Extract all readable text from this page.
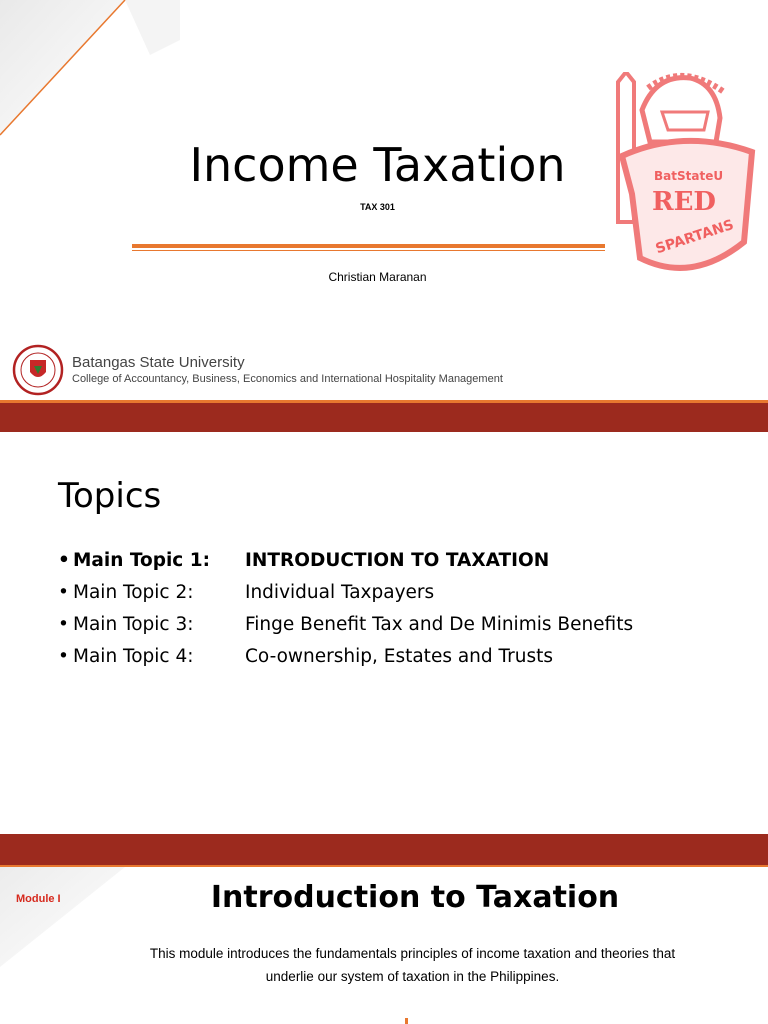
Income Taxation
TAX 301
Christian Maranan
BatStateU
RED
SPARTANS
Batangas State University
College of Accountancy, Business, Economics and International Hospitality Management
Topics
• Main Topic 1: INTRODUCTION TO TAXATION
• Main Topic 2:	Individual Taxpayers
• Main Topic 3:	Finge Benefit Tax and De Minimis Benefits
• Main Topic 4:	Co-ownership, Estates and Trusts
Module I	Introduction to Taxation
This module introduces the fundamentals principles of income taxation and theories that
underlie our system of taxation in the Philippines.
